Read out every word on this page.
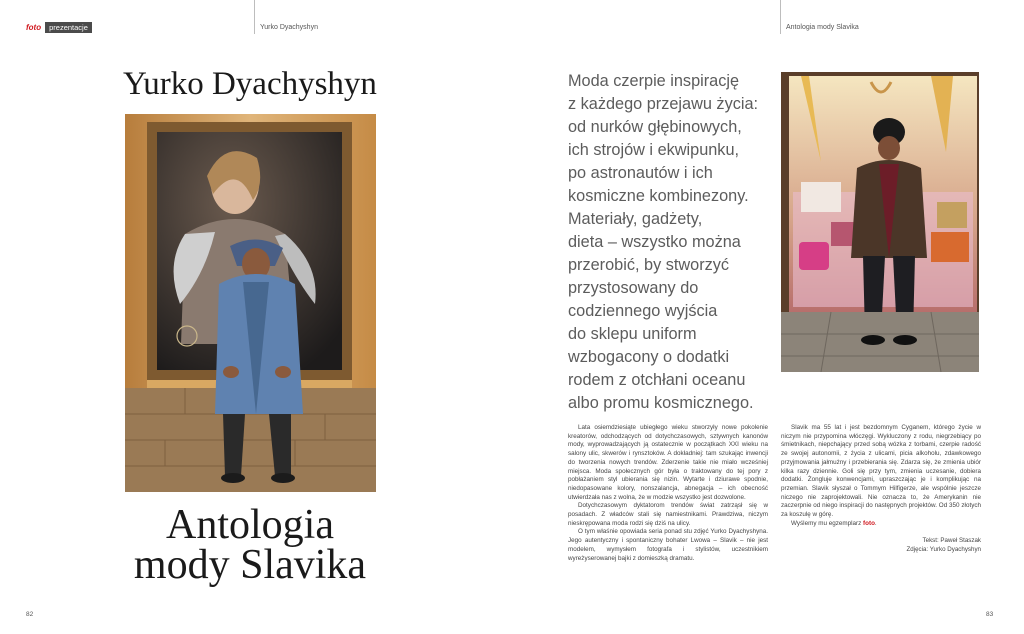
foto	prezentacje	Yurko Dyachyshyn	Antologia mody Slavika
Yurko Dyachyshyn
Antologia
mody Slavika
82
Moda czerpie inspirację
z każdego przejawu życia:
od nurków głębinowych,
ich strojów i ekwipunku,
po astronautów i ich
kosmiczne kombinezony.
Materiały, gadżety,
dieta – wszystko można
przerobić, by stworzyć
przystosowany do
codziennego wyjścia
do sklepu uniform
wzbogacony o dodatki
rodem z otchłani oceanu
albo promu kosmicznego.

Lata osiemdziesiąte ubiegłego wieku stworzyły nowe pokolenie kreatorów, odchodzących od dotychczasowych, sztywnych kanonów mody, wyprowadzających ją ostatecznie w początkach XXI wieku na salony ulic, skwerów i rynsztoków. A dokładniej: tam szukając inwencji do tworzenia nowych trendów. Zderzenie takie nie miało wcześniej miejsca. Moda społecznych gór była o traktowany do tej pory z pobłażaniem styl ubierania się nizin. Wytarte i dziurawe spodnie, niedopasowane kolory, nonszalancja, abnegacja – ich obecność utwierdzała nas z wolna, że w modzie wszystko jest dozwolone.

Dotychczasowym dyktatorom trendów świat zatrząsł się w posadach. Z władców stali się namiestnikami. Prawdziwa, niczym nieskrępowana moda rodzi się dziś na ulicy.

O tym właśnie opowiada seria ponad stu zdjęć Yurko Dyachyshyna. Jego autentyczny i spontaniczny bohater Lwowa – Slavik – nie jest modelem, wymysłem fotografa i stylistów, uczestnikiem wyreżyserowanej bajki z domieszką dramatu.

Slavik ma 55 lat i jest bezdomnym Cyganem, którego życie w niczym nie przypomina włóczęgi. Wykluczony z rodu, niegrzebiący po śmietnikach, niepchający przed sobą wózka z torbami, czerpie radość ze swojej autonomii, z życia z ulicami, picia alkoholu, zdawkowego przyjmowania jałmużny i przebierania się. Zdarza się, że zmienia ubiór kilka razy dziennie. Goli się przy tym, zmienia uczesanie, dobiera dodatki. Żongluje konwencjami, upraszczając je i komplikując na przemian. Slavik słyszał o Tommym Hilfigerze, ale wspólnie jeszcze niczego nie zaprojektowali. Nie oznacza to, że Amerykanin nie zaczerpnie od niego inspiracji do następnych projektów. Od 350 złotych za koszulę w górę.

Wyślemy mu egzemplarz foto.

Tekst: Paweł Staszak
Zdjęcia: Yurko Dyachyshyn
83
